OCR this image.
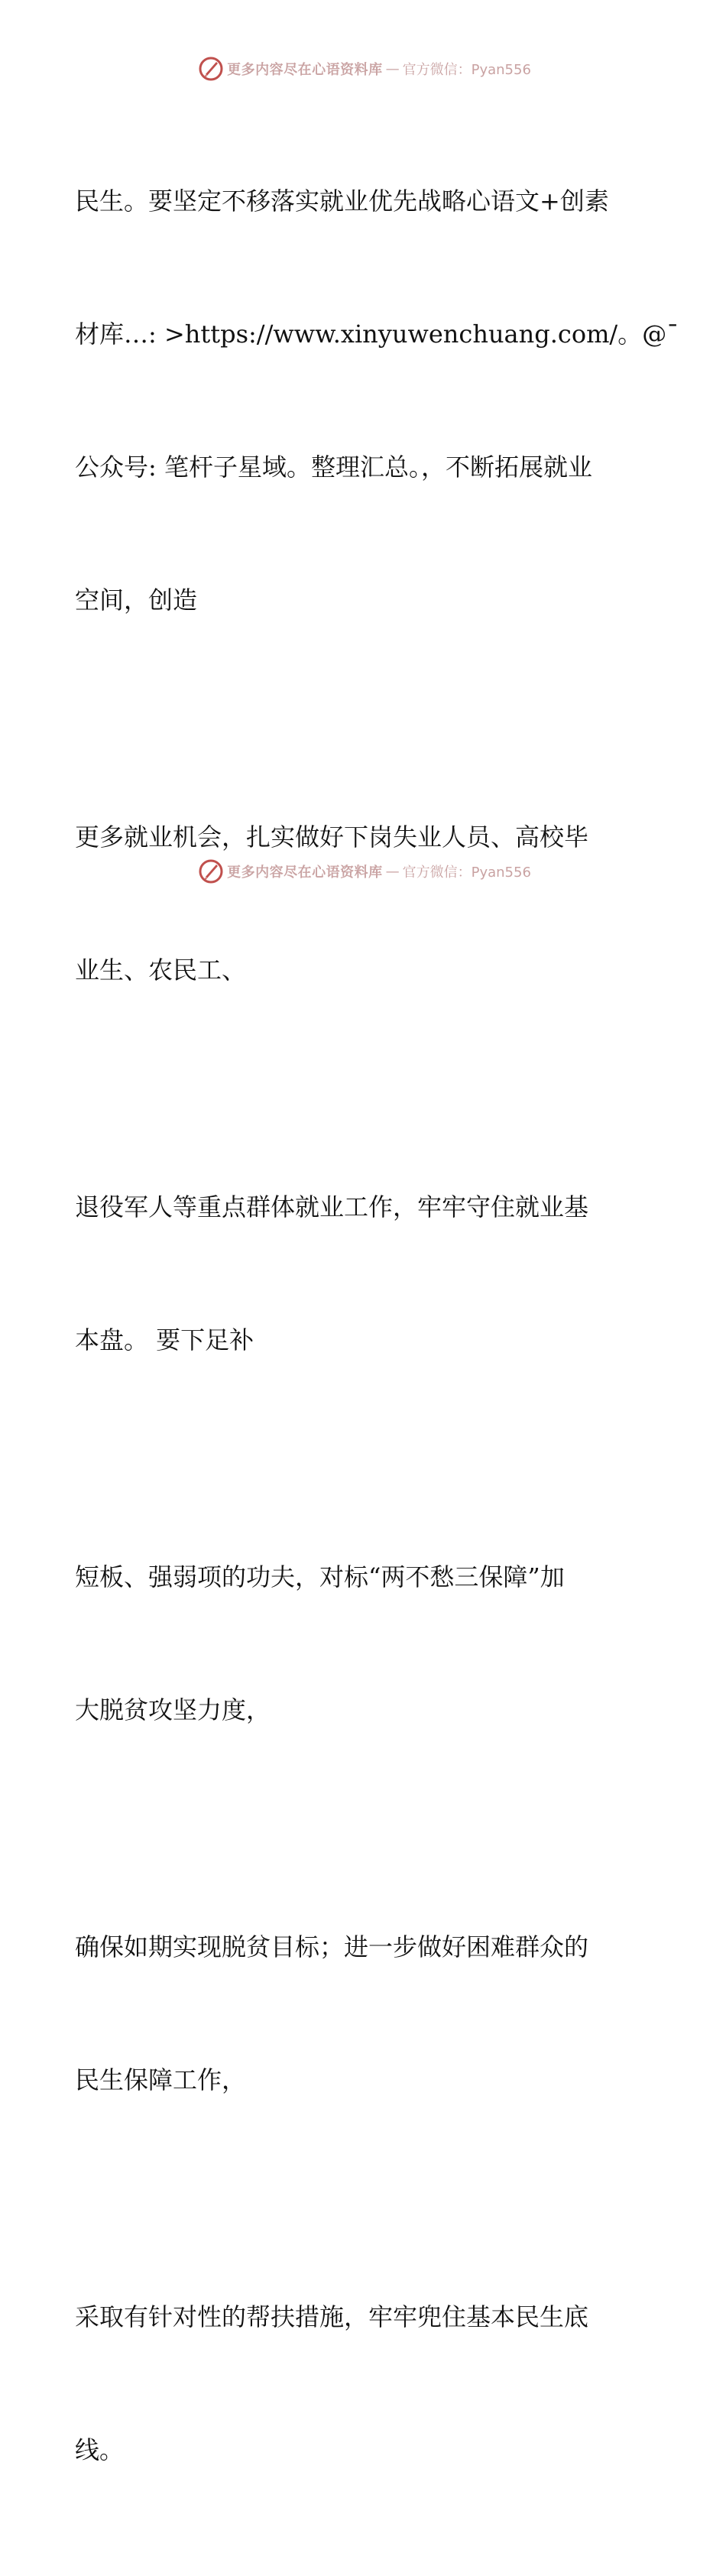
更多内容尽在心语资料库 — 官方微信：Pyan556

民生。要坚定不移落实就业优先战略心语文+创素

材库…: >https://www.xinyuwenchuang.com/。@¯

公众号: 笔杆子星域。整理汇总。，不断拓展就业

空间，创造

更多就业机会，扎实做好下岗失业人员、高校毕

业生、农民工、

退役军人等重点群体就业工作，牢牢守住就业基

本盘。 要下足补

短板、强弱项的功夫，对标“两不愁三保障”加

大脱贫攻坚力度，

确保如期实现脱贫目标；进一步做好困难群众的

民生保障工作，

采取有针对性的帮扶措施，牢牢兜住基本民生底

线。

更多内容尽在心语资料库 — 官方微信：Pyan556
